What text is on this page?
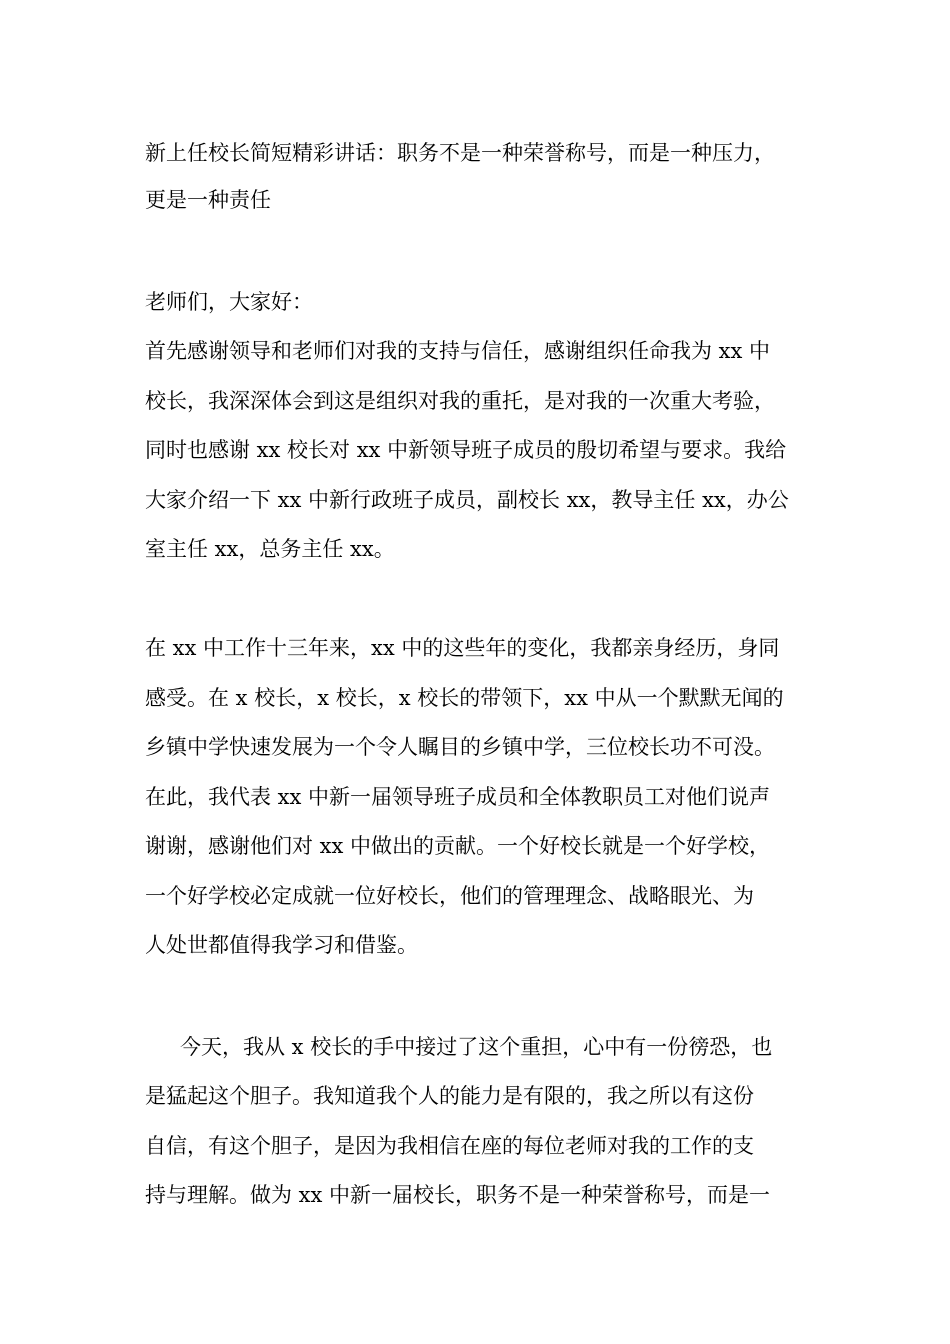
新上任校长简短精彩讲话：职务不是一种荣誉称号，而是一种压力，
更是一种责任
老师们，大家好：
首先感谢领导和老师们对我的支持与信任，感谢组织任命我为 xx 中
校长，我深深体会到这是组织对我的重托，是对我的一次重大考验，
同时也感谢 xx 校长对 xx 中新领导班子成员的殷切希望与要求。我给
大家介绍一下 xx 中新行政班子成员，副校长 xx，教导主任 xx，办公
室主任 xx，总务主任 xx。
在 xx 中工作十三年来，xx 中的这些年的变化，我都亲身经历，身同
感受。在 x 校长，x 校长，x 校长的带领下，xx 中从一个默默无闻的
乡镇中学快速发展为一个令人瞩目的乡镇中学，三位校长功不可没。
在此，我代表 xx 中新一届领导班子成员和全体教职员工对他们说声
谢谢，感谢他们对 xx 中做出的贡献。一个好校长就是一个好学校，
一个好学校必定成就一位好校长，他们的管理理念、战略眼光、为
人处世都值得我学习和借鉴。
今天，我从 x 校长的手中接过了这个重担，心中有一份徬恐，也
是猛起这个胆子。我知道我个人的能力是有限的，我之所以有这份
自信，有这个胆子，是因为我相信在座的每位老师对我的工作的支
持与理解。做为 xx 中新一届校长，职务不是一种荣誉称号，而是一
